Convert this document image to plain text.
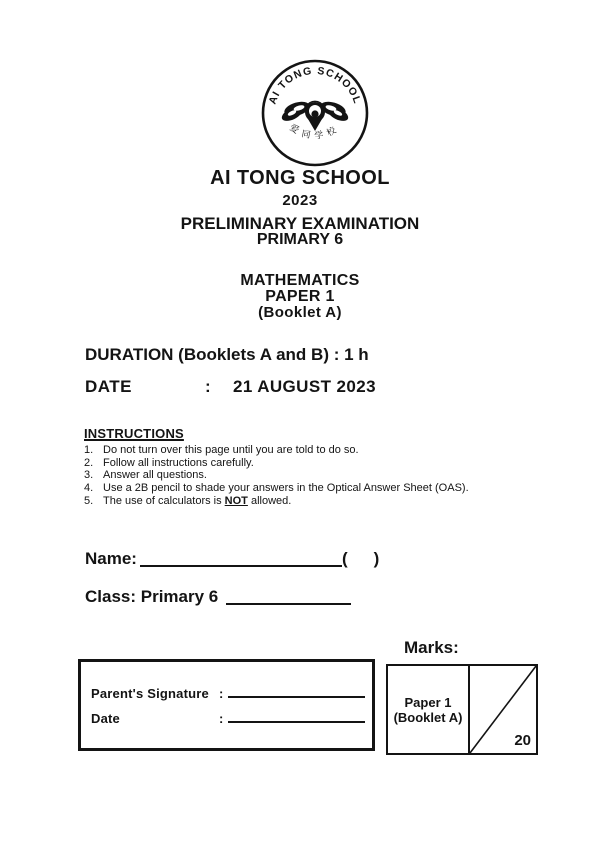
AI TONG SCHOOL
爱同学校
AI TONG SCHOOL
2023
PRELIMINARY EXAMINATION
PRIMARY 6
MATHEMATICS
PAPER 1
(Booklet A)
DURATION (Booklets A and B) : 1 h
DATE	: 21 AUGUST 2023
INSTRUCTIONS
1. Do not turn over this page until you are told to do so.
2. Follow all instructions carefully.
3. Answer all questions.
4. Use a 2B pencil to shade your answers in the Optical Answer Sheet (OAS).
5. The use of calculators is NOT allowed.
Name:	( )
Class: Primary 6
Marks:
Paper 1
(Booklet A)
20
Parent's Signature :
Date	:
